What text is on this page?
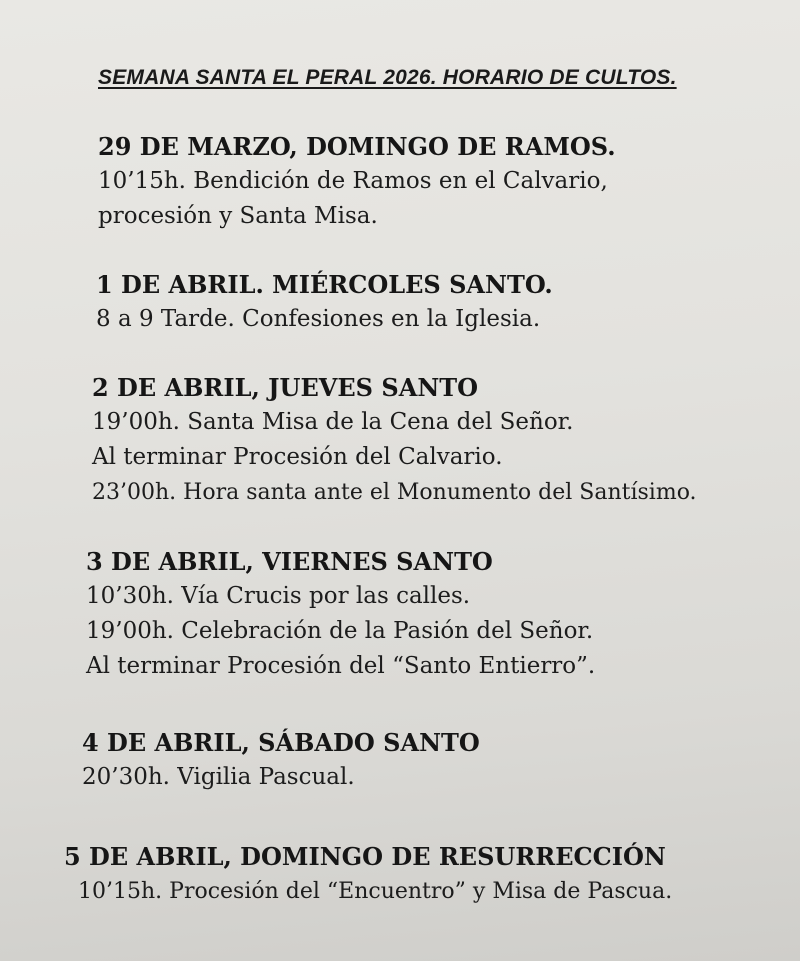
SEMANA SANTA EL PERAL 2026. HORARIO DE CULTOS.
29 DE MARZO, DOMINGO DE RAMOS.
10’15h. Bendición de Ramos en el Calvario,
procesión y Santa Misa.
1 DE ABRIL. MIÉRCOLES SANTO.
8 a 9 Tarde. Confesiones en la Iglesia.
2 DE ABRIL, JUEVES SANTO
19’00h. Santa Misa de la Cena del Señor.
Al terminar Procesión del Calvario.
23’00h. Hora santa ante el Monumento del Santísimo.
3 DE ABRIL, VIERNES SANTO
10’30h. Vía Crucis por las calles.
19’00h. Celebración de la Pasión del Señor.
Al terminar Procesión del “Santo Entierro”.
4 DE ABRIL, SÁBADO SANTO
20’30h. Vigilia Pascual.
5 DE ABRIL, DOMINGO DE RESURRECCIÓN
10’15h. Procesión del “Encuentro” y Misa de Pascua.
